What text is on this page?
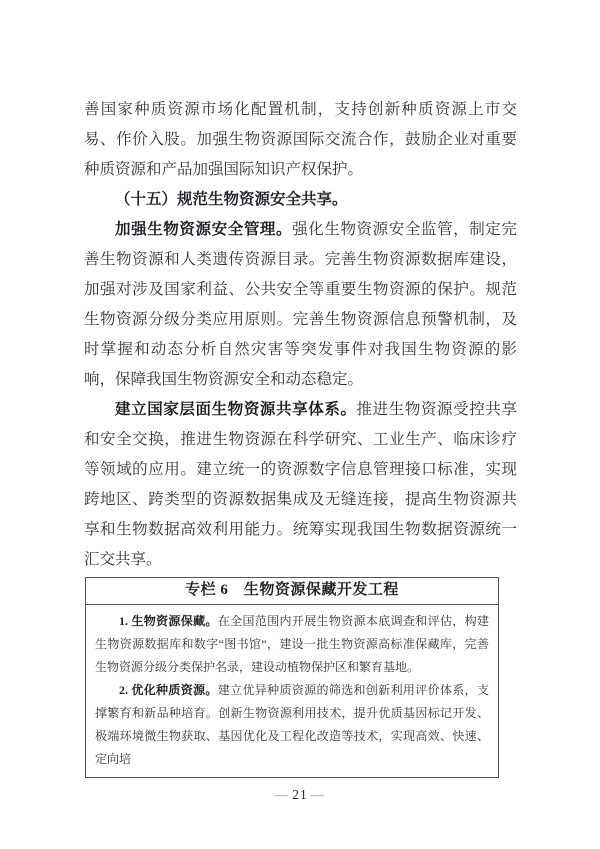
善国家种质资源市场化配置机制，支持创新种质资源上市交易、作价入股。加强生物资源国际交流合作，鼓励企业对重要种质资源和产品加强国际知识产权保护。

（十五）规范生物资源安全共享。

加强生物资源安全管理。强化生物资源安全监管，制定完善生物资源和人类遗传资源目录。完善生物资源数据库建设，加强对涉及国家利益、公共安全等重要生物资源的保护。规范生物资源分级分类应用原则。完善生物资源信息预警机制，及时掌握和动态分析自然灾害等突发事件对我国生物资源的影响，保障我国生物资源安全和动态稳定。

建立国家层面生物资源共享体系。推进生物资源受控共享和安全交换，推进生物资源在科学研究、工业生产、临床诊疗等领域的应用。建立统一的资源数字信息管理接口标准，实现跨地区、跨类型的资源数据集成及无缝连接，提高生物资源共享和生物数据高效利用能力。统筹实现我国生物数据资源统一汇交共享。

专栏 6　生物资源保藏开发工程

1. 生物资源保藏。在全国范围内开展生物资源本底调查和评估，构建生物资源数据库和数字“图书馆”，建设一批生物资源高标准保藏库，完善生物资源分级分类保护名录，建设动植物保护区和繁育基地。

2. 优化种质资源。建立优异种质资源的筛选和创新利用评价体系，支撑繁育和新品种培育。创新生物资源利用技术，提升优质基因标记开发、极端环境微生物获取、基因优化及工程化改造等技术，实现高效、快速、定向培

— 21 —
